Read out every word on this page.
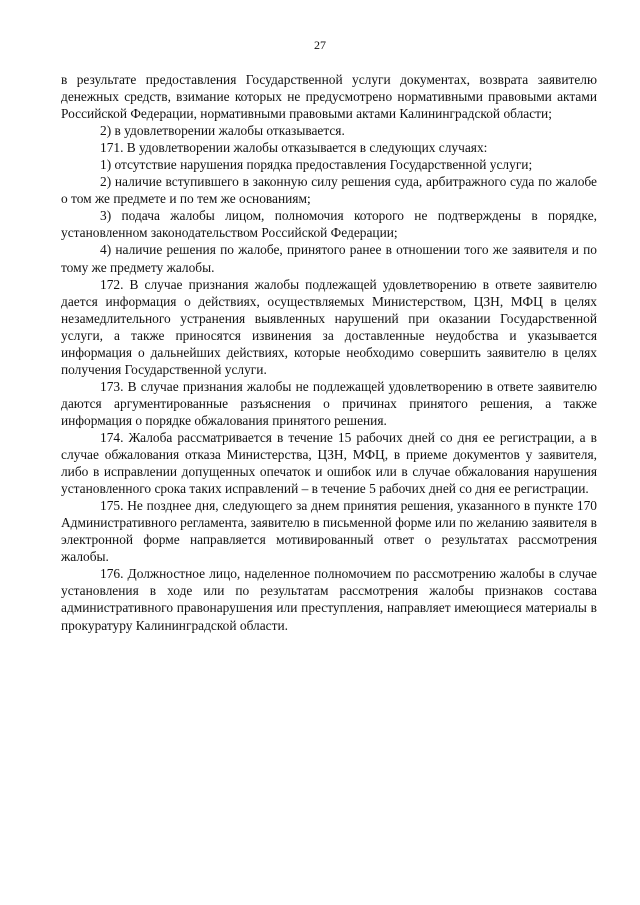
27

в результате предоставления Государственной услуги документах, возврата заявителю денежных средств, взимание которых не предусмотрено нормативными правовыми актами Российской Федерации, нормативными правовыми актами Калининградской области;

2) в удовлетворении жалобы отказывается.

171. В удовлетворении жалобы отказывается в следующих случаях:

1) отсутствие нарушения порядка предоставления Государственной услуги;

2) наличие вступившего в законную силу решения суда, арбитражного суда по жалобе о том же предмете и по тем же основаниям;

3) подача жалобы лицом, полномочия которого не подтверждены в порядке, установленном законодательством Российской Федерации;

4) наличие решения по жалобе, принятого ранее в отношении того же заявителя и по тому же предмету жалобы.

172. В случае признания жалобы подлежащей удовлетворению в ответе заявителю дается информация о действиях, осуществляемых Министерством, ЦЗН, МФЦ в целях незамедлительного устранения выявленных нарушений при оказании Государственной услуги, а также приносятся извинения за доставленные неудобства и указывается информация о дальнейших действиях, которые необходимо совершить заявителю в целях получения Государственной услуги.

173. В случае признания жалобы не подлежащей удовлетворению в ответе заявителю даются аргументированные разъяснения о причинах принятого решения, а также информация о порядке обжалования принятого решения.

174. Жалоба рассматривается в течение 15 рабочих дней со дня ее регистрации, а в случае обжалования отказа Министерства, ЦЗН, МФЦ, в приеме документов у заявителя, либо в исправлении допущенных опечаток и ошибок или в случае обжалования нарушения установленного срока таких исправлений – в течение 5 рабочих дней со дня ее регистрации.

175. Не позднее дня, следующего за днем принятия решения, указанного в пункте 170 Административного регламента, заявителю в письменной форме или по желанию заявителя в электронной форме направляется мотивированный ответ о результатах рассмотрения жалобы.

176. Должностное лицо, наделенное полномочием по рассмотрению жалобы в случае установления в ходе или по результатам рассмотрения жалобы признаков состава административного правонарушения или преступления, направляет имеющиеся материалы в прокуратуру Калининградской области.
